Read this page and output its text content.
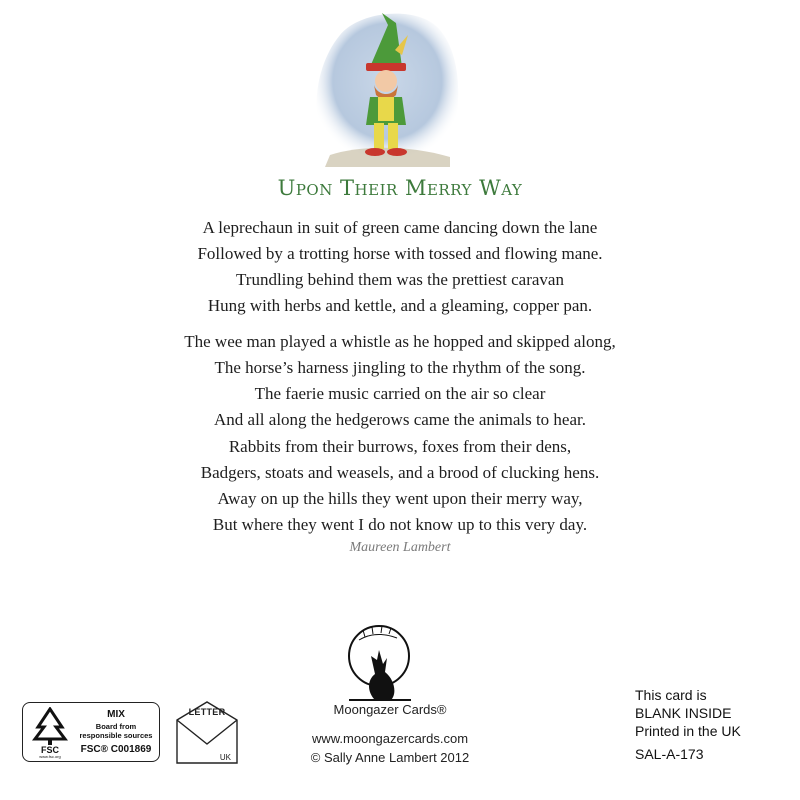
Upon Their Merry Way
A leprechaun in suit of green came dancing down the lane
Followed by a trotting horse with tossed and flowing mane.
Trundling behind them was the prettiest caravan
Hung with herbs and kettle, and a gleaming, copper pan.
The wee man played a whistle as he hopped and skipped along,
The horse’s harness jingling to the rhythm of the song.
The faerie music carried on the air so clear
And all along the hedgerows came the animals to hear.
Rabbits from their burrows, foxes from their dens,
Badgers, stoats and weasels, and a brood of clucking hens.
Away on up the hills they went upon their merry way,
But where they went I do not know up to this very day.
Maureen Lambert
FSC
www.fsc.org
MIX
Board from responsible sources
FSC® C001869
LETTER
UK
Moongazer Cards®
www.moongazercards.com
© Sally Anne Lambert 2012
This card is
BLANK INSIDE
Printed in the UK
SAL-A-173
